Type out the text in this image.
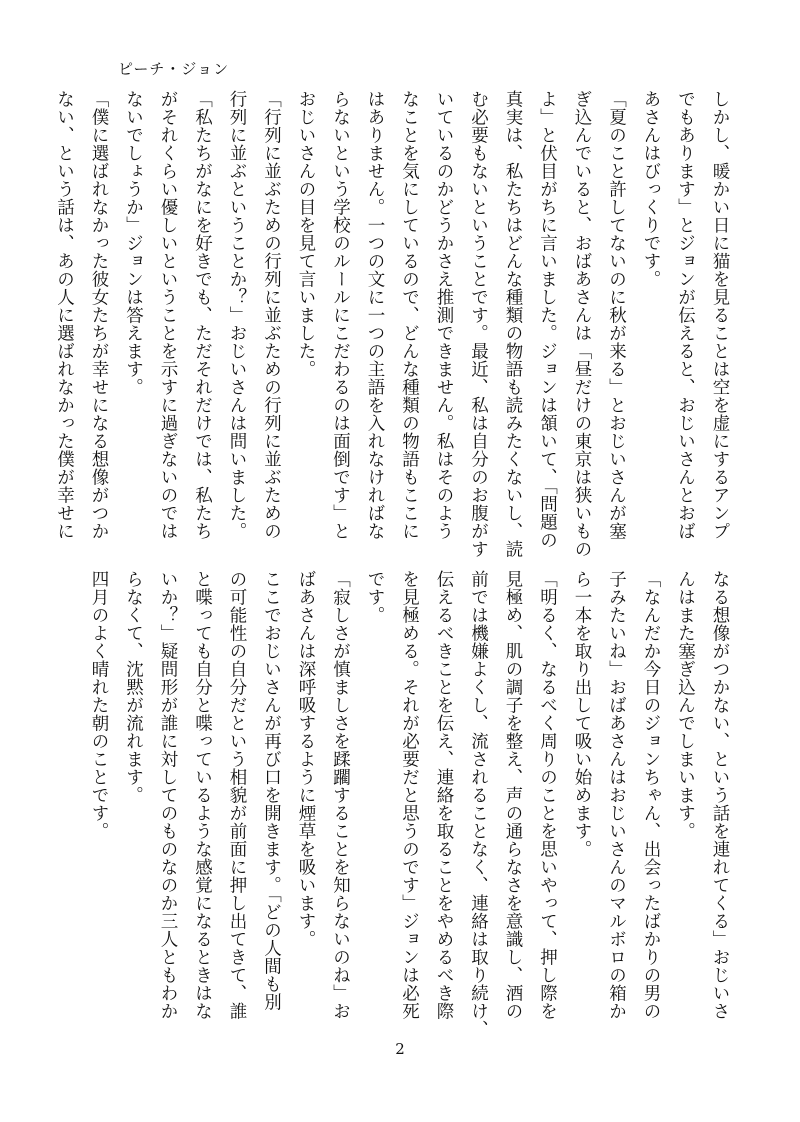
ピーチ・ジョン
しかし、暖かい日に猫を見ることは空を虚にするアンプ
でもあります」とジョンが伝えると、おじいさんとおば
あさんはびっくりです。
「夏のこと許してないのに秋が来る」とおじいさんが塞
ぎ込んでいると、おばあさんは「昼だけの東京は狭いもの
よ」と伏目がちに言いました。ジョンは頷いて、「問題の
真実は、私たちはどんな種類の物語も読みたくないし、読
む必要もないということです。最近、私は自分のお腹がす
いているのかどうかさえ推測できません。私はそのよう
なことを気にしているので、どんな種類の物語もここに
はありません。一つの文に一つの主語を入れなければな
らないという学校のルールにこだわるのは面倒です」と
おじいさんの目を見て言いました。
「行列に並ぶための行列に並ぶための行列に並ぶための
行列に並ぶということか？」おじいさんは問いました。
「私たちがなにを好きでも、ただそれだけでは、私たち
がそれくらい優しいということを示すに過ぎないのでは
ないでしょうか」ジョンは答えます。
「僕に選ばれなかった彼女たちが幸せになる想像がつか
ない、という話は、あの人に選ばれなかった僕が幸せに
なる想像がつかない、という話を連れてくる」おじいさ
んはまた塞ぎ込んでしまいます。
「なんだか今日のジョンちゃん、出会ったばかりの男の
子みたいね」おばあさんはおじいさんのマルボロの箱か
ら一本を取り出して吸い始めます。
「明るく、なるべく周りのことを思いやって、押し際を
見極め、肌の調子を整え、声の通らなさを意識し、酒の
前では機嫌よくし、流されることなく、連絡は取り続け、
伝えるべきことを伝え、連絡を取ることをやめるべき際
を見極める。それが必要だと思うのです」ジョンは必死
です。
「寂しさが慎ましさを蹂躙することを知らないのね」お
ばあさんは深呼吸するように煙草を吸います。
ここでおじいさんが再び口を開きます。「どの人間も別
の可能性の自分だという相貌が前面に押し出てきて、誰
と喋っても自分と喋っているような感覚になるときはな
いか？」疑問形が誰に対してのものなのか三人ともわか
らなくて、沈黙が流れます。
四月のよく晴れた朝のことです。
2
